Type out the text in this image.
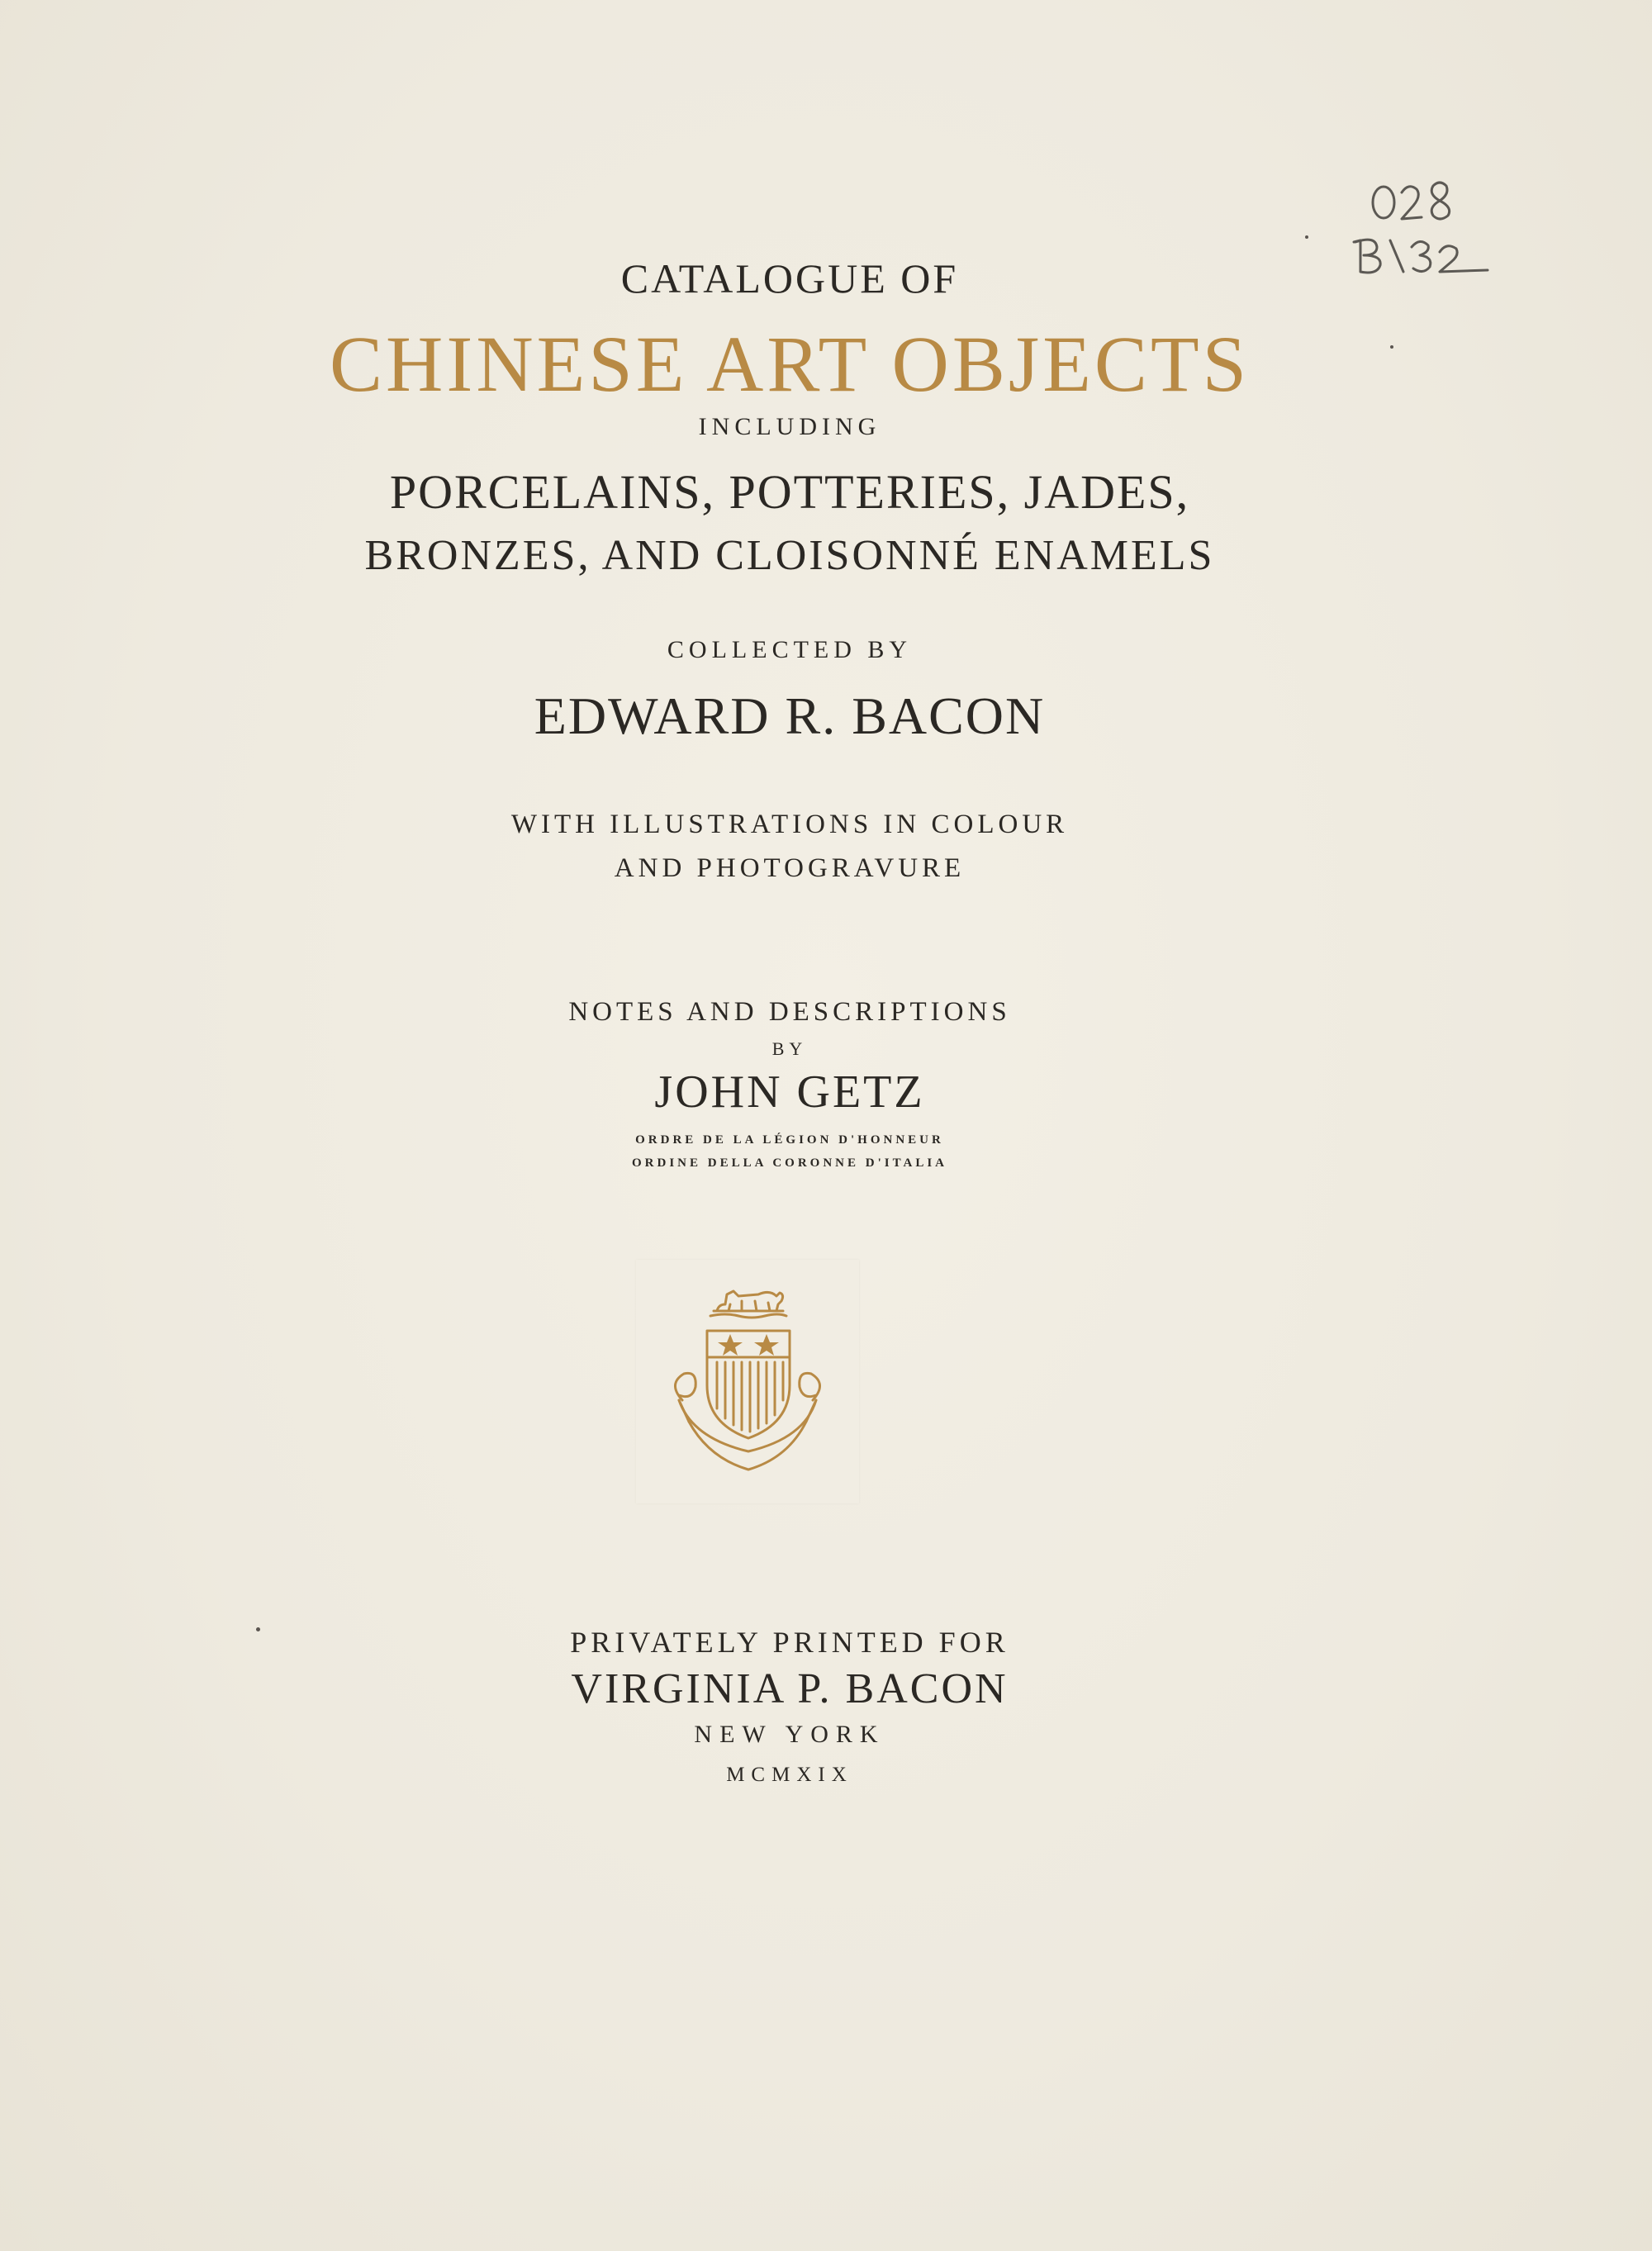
CATALOGUE OF
CHINESE ART OBJECTS
INCLUDING
PORCELAINS, POTTERIES, JADES,
BRONZES, AND CLOISONNÉ ENAMELS
COLLECTED BY
EDWARD R. BACON
WITH ILLUSTRATIONS IN COLOUR
AND PHOTOGRAVURE
NOTES AND DESCRIPTIONS
BY
JOHN GETZ
ORDRE DE LA LÉGION D'HONNEUR
ORDINE DELLA CORONNE D'ITALIA
PRIVATELY PRINTED FOR
VIRGINIA P. BACON
NEW YORK
MCMXIX
